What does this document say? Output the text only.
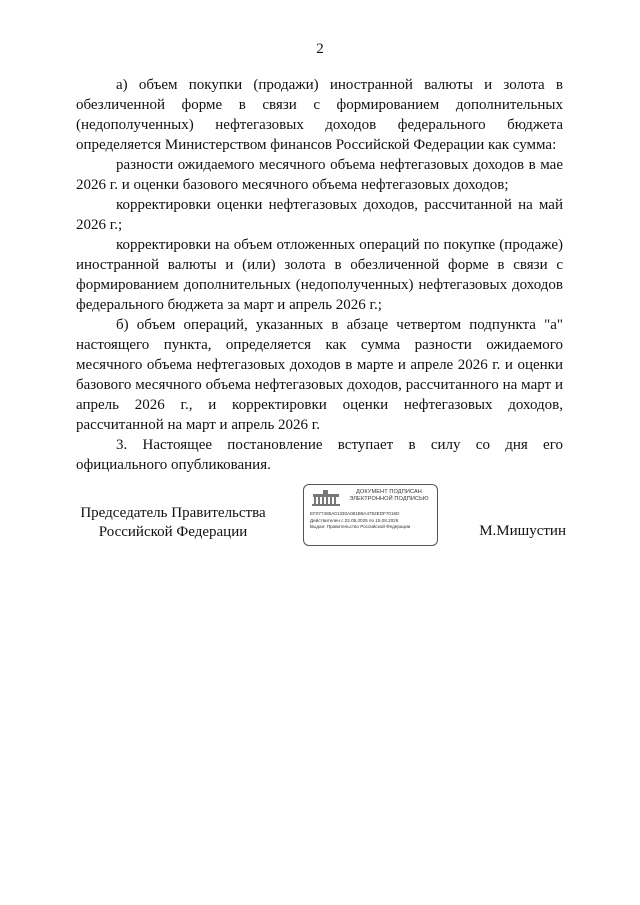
2

а) объем покупки (продажи) иностранной валюты и золота в обезличенной форме в связи с формированием дополнительных (недополученных) нефтегазовых доходов федерального бюджета определяется Министерством финансов Российской Федерации как сумма:

разности ожидаемого месячного объема нефтегазовых доходов в мае 2026 г. и оценки базового месячного объема нефтегазовых доходов;

корректировки оценки нефтегазовых доходов, рассчитанной на май 2026 г.;

корректировки на объем отложенных операций по покупке (продаже) иностранной валюты и (или) золота в обезличенной форме в связи с формированием дополнительных (недополученных) нефтегазовых доходов федерального бюджета за март и апрель 2026 г.;

б) объем операций, указанных в абзаце четвертом подпункта "а" настоящего пункта, определяется как сумма разности ожидаемого месячного объема нефтегазовых доходов в марте и апреле 2026 г. и оценки базового месячного объема нефтегазовых доходов, рассчитанного на март и апрель 2026 г., и корректировки оценки нефтегазовых доходов, рассчитанной на март и апрель 2026 г.

3. Настоящее постановление вступает в силу со дня его официального опубликования.

Председатель Правительства
Российской Федерации
ДОКУМЕНТ ПОДПИСАН
ЭЛЕКТРОННОЙ ПОДПИСЬЮ
EF077485A01330A081B8A4792EDF7016D
Действителен с 22.05.2025 по 15.08.2026
Выдан: Правительство Российской Федерации	М.Мишустин
